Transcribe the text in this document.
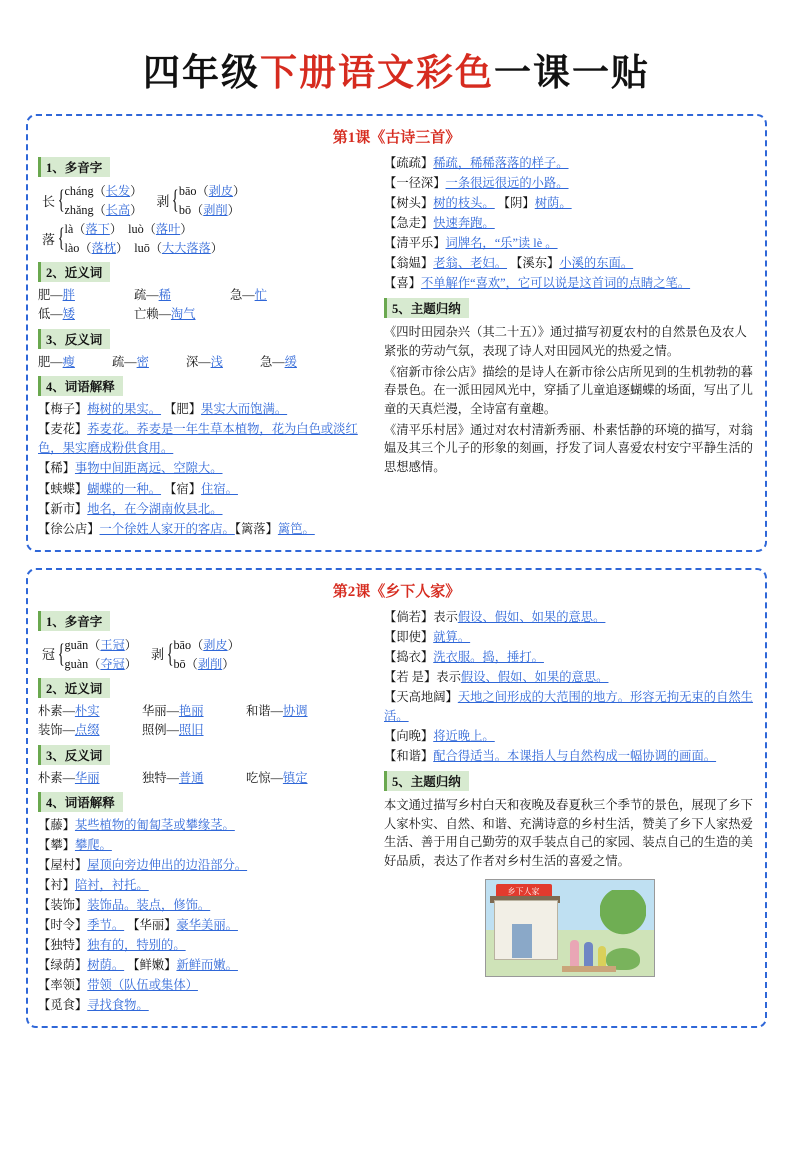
四年级下册语文彩色一课一贴
第1课《古诗三首》
1、多音字
长 { cháng（长发）
zhǎng（长高）
剥 { bāo（剥皮）
bō（剥削）
落 { là（落下）  luò（落叶）
lào（落枕）  luō（大大落落）
2、近义词
肥—胖	疏—稀	急—忙
低—矮	亡赖—淘气
3、反义词
肥—瘦	疏—密	深—浅	急—缓
4、词语解释
【梅子】梅树的果实。 【肥】果实大而饱满。
【麦花】荞麦花。荞麦是一年生草本植物，花为白色或淡红色，果实磨成粉供食用。
【稀】事物中间距离远、空隙大。
【蛱蝶】蝴蝶的一种。 【宿】住宿。
【新市】地名，在今湖南攸县北。
【徐公店】一个徐姓人家开的客店。【篱落】篱笆。
【疏疏】稀疏，稀稀落落的样子。
【一径深】一条很远很远的小路。
【树头】树的枝头。 【阴】树荫。
【急走】快速奔跑。
【清平乐】词牌名，“乐”读 lè 。
【翁媪】老翁、老妇。 【溪东】小溪的东面。
【喜】不单解作“喜欢”，它可以说是这首词的点睛之笔。
5、主题归纳
《四时田园杂兴（其二十五）》通过描写初夏农村的自然景色及农人紧张的劳动气氛，表现了诗人对田园风光的热爱之情。
《宿新市徐公店》描绘的是诗人在新市徐公店所见到的生机勃勃的暮春景色。在一派田园风光中，穿插了儿童追逐蝴蝶的场面，写出了儿童的天真烂漫，全诗富有童趣。
《清平乐村居》通过对农村清新秀丽、朴素恬静的环境的描写，对翁媪及其三个儿子的形象的刻画，抒发了词人喜爱农村安宁平静生活的思想感情。
第2课《乡下人家》
1、多音字
冠 { guān（王冠）
guàn（夺冠）
剥 { bāo（剥皮）
bō（剥削）
2、近义词
朴素—朴实	华丽—艳丽	和谐—协调
装饰—点缀	照例—照旧
3、反义词
朴素—华丽	独特—普通	吃惊—镇定
4、词语解释
【藤】某些植物的匍匐茎或攀缘茎。
【攀】攀爬。
【屋村】屋顶向旁边伸出的边沿部分。
【衬】陪衬，衬托。
【装饰】装饰品。装点，修饰。
【时令】季节。 【华丽】豪华美丽。
【独特】独有的，特别的。
【绿荫】树荫。 【鲜嫩】新鲜而嫩。
【率领】带领（队伍或集体）
【觅食】寻找食物。
【倘若】表示假设、假如、如果的意思。
【即使】就算。
【捣衣】洗衣服。捣，捶打。
【若 是】表示假设、假如、如果的意思。
【天高地阔】天地之间形成的大范围的地方。形容无拘无束的自然生活。
【向晚】将近晚上。
【和谐】配合得适当。本课指人与自然构成一幅协调的画面。
5、主题归纳
本文通过描写乡村白天和夜晚及春夏秋三个季节的景色，展现了乡下人家朴实、自然、和谐、充满诗意的乡村生活，赞美了乡下人家热爱生活、善于用自己勤劳的双手装点自己的家园、装点自己的生造的美好品质，表达了作者对乡村生活的喜爱之情。
乡下人家
